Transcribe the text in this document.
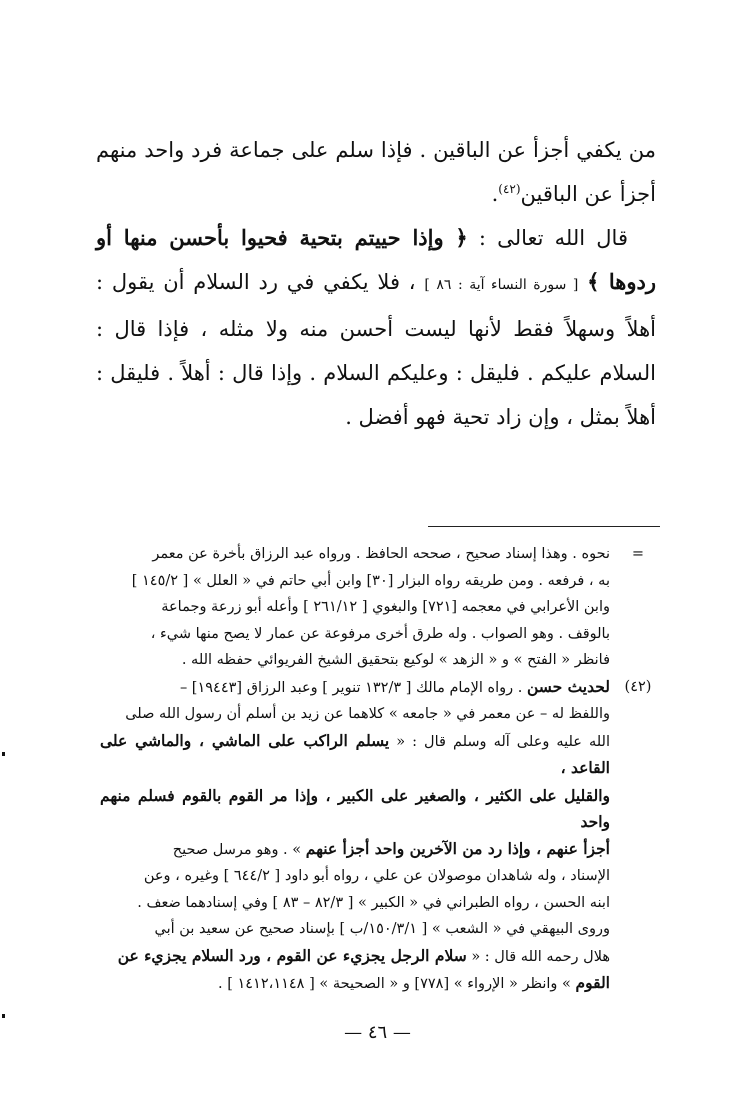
من يكفي أجزأ عن الباقين . فإذا سلم على جماعة فرد واحد منهم أجزأ عن الباقين$^{(٤٢)}$.

قال الله تعالى : ﴿ وإذا حييتم بتحية فحيوا بأحسن منها أو ردوها ﴾ [ سورة النساء آية : ٨٦ ] ، فلا يكفي في رد السلام أن يقول : أهلاً وسهلاً فقط لأنها ليست أحسن منه ولا مثله ، فإذا قال : السلام عليكم . فليقل : وعليكم السلام . وإذا قال : أهلاً . فليقل : أهلاً بمثل ، وإن زاد تحية فهو أفضل .

=
نحوه . وهذا إسناد صحيح ، صححه الحافظ . ورواه عبد الرزاق بأخرة عن معمر
به ، فرفعه . ومن طريقه رواه البزار [٣٠] وابن أبي حاتم في « العلل » [ ١٤٥/٢ ]
وابن الأعرابي في معجمه [٧٢١] والبغوي [ ٢٦١/١٢ ] وأعله أبو زرعة وجماعة
بالوقف . وهو الصواب . وله طرق أخرى مرفوعة عن عمار لا يصح منها شيء ،
فانظر « الفتح » و « الزهد » لوكيع بتحقيق الشيخ الفريوائي حفظه الله .
(٤٢)
لحديث حسن . رواه الإمام مالك [ ١٣٢/٣ تنوير ] وعبد الرزاق [١٩٤٤٣] –
واللفظ له – عن معمر في « جامعه » كلاهما عن زيد بن أسلم أن رسول الله صلى
الله عليه وعلى آله وسلم قال : « يسلم الراكب على الماشي ، والماشي على القاعد ،
والقليل على الكثير ، والصغير على الكبير ، وإذا مر القوم بالقوم فسلم منهم واحد
أجزأ عنهم ، وإذا رد من الآخرين واحد أجزأ عنهم » . وهو مرسل صحيح
الإسناد ، وله شاهدان موصولان عن علي ، رواه أبو داود [ ٦٤٤/٢ ] وغيره ، وعن
ابنه الحسن ، رواه الطبراني في « الكبير » [ ٨٢/٣ – ٨٣ ] وفي إسنادهما ضعف .
وروى البيهقي في « الشعب » [ ١٥٠/٣/١/ب ] بإسناد صحيح عن سعيد بن أبي
هلال رحمه الله قال : « سلام الرجل يجزيء عن القوم ، ورد السلام يجزيء عن
القوم » وانظر « الإرواء » [٧٧٨] و « الصحيحة » [ ١٤١٢،١١٤٨ ] .
— ٤٦ —
